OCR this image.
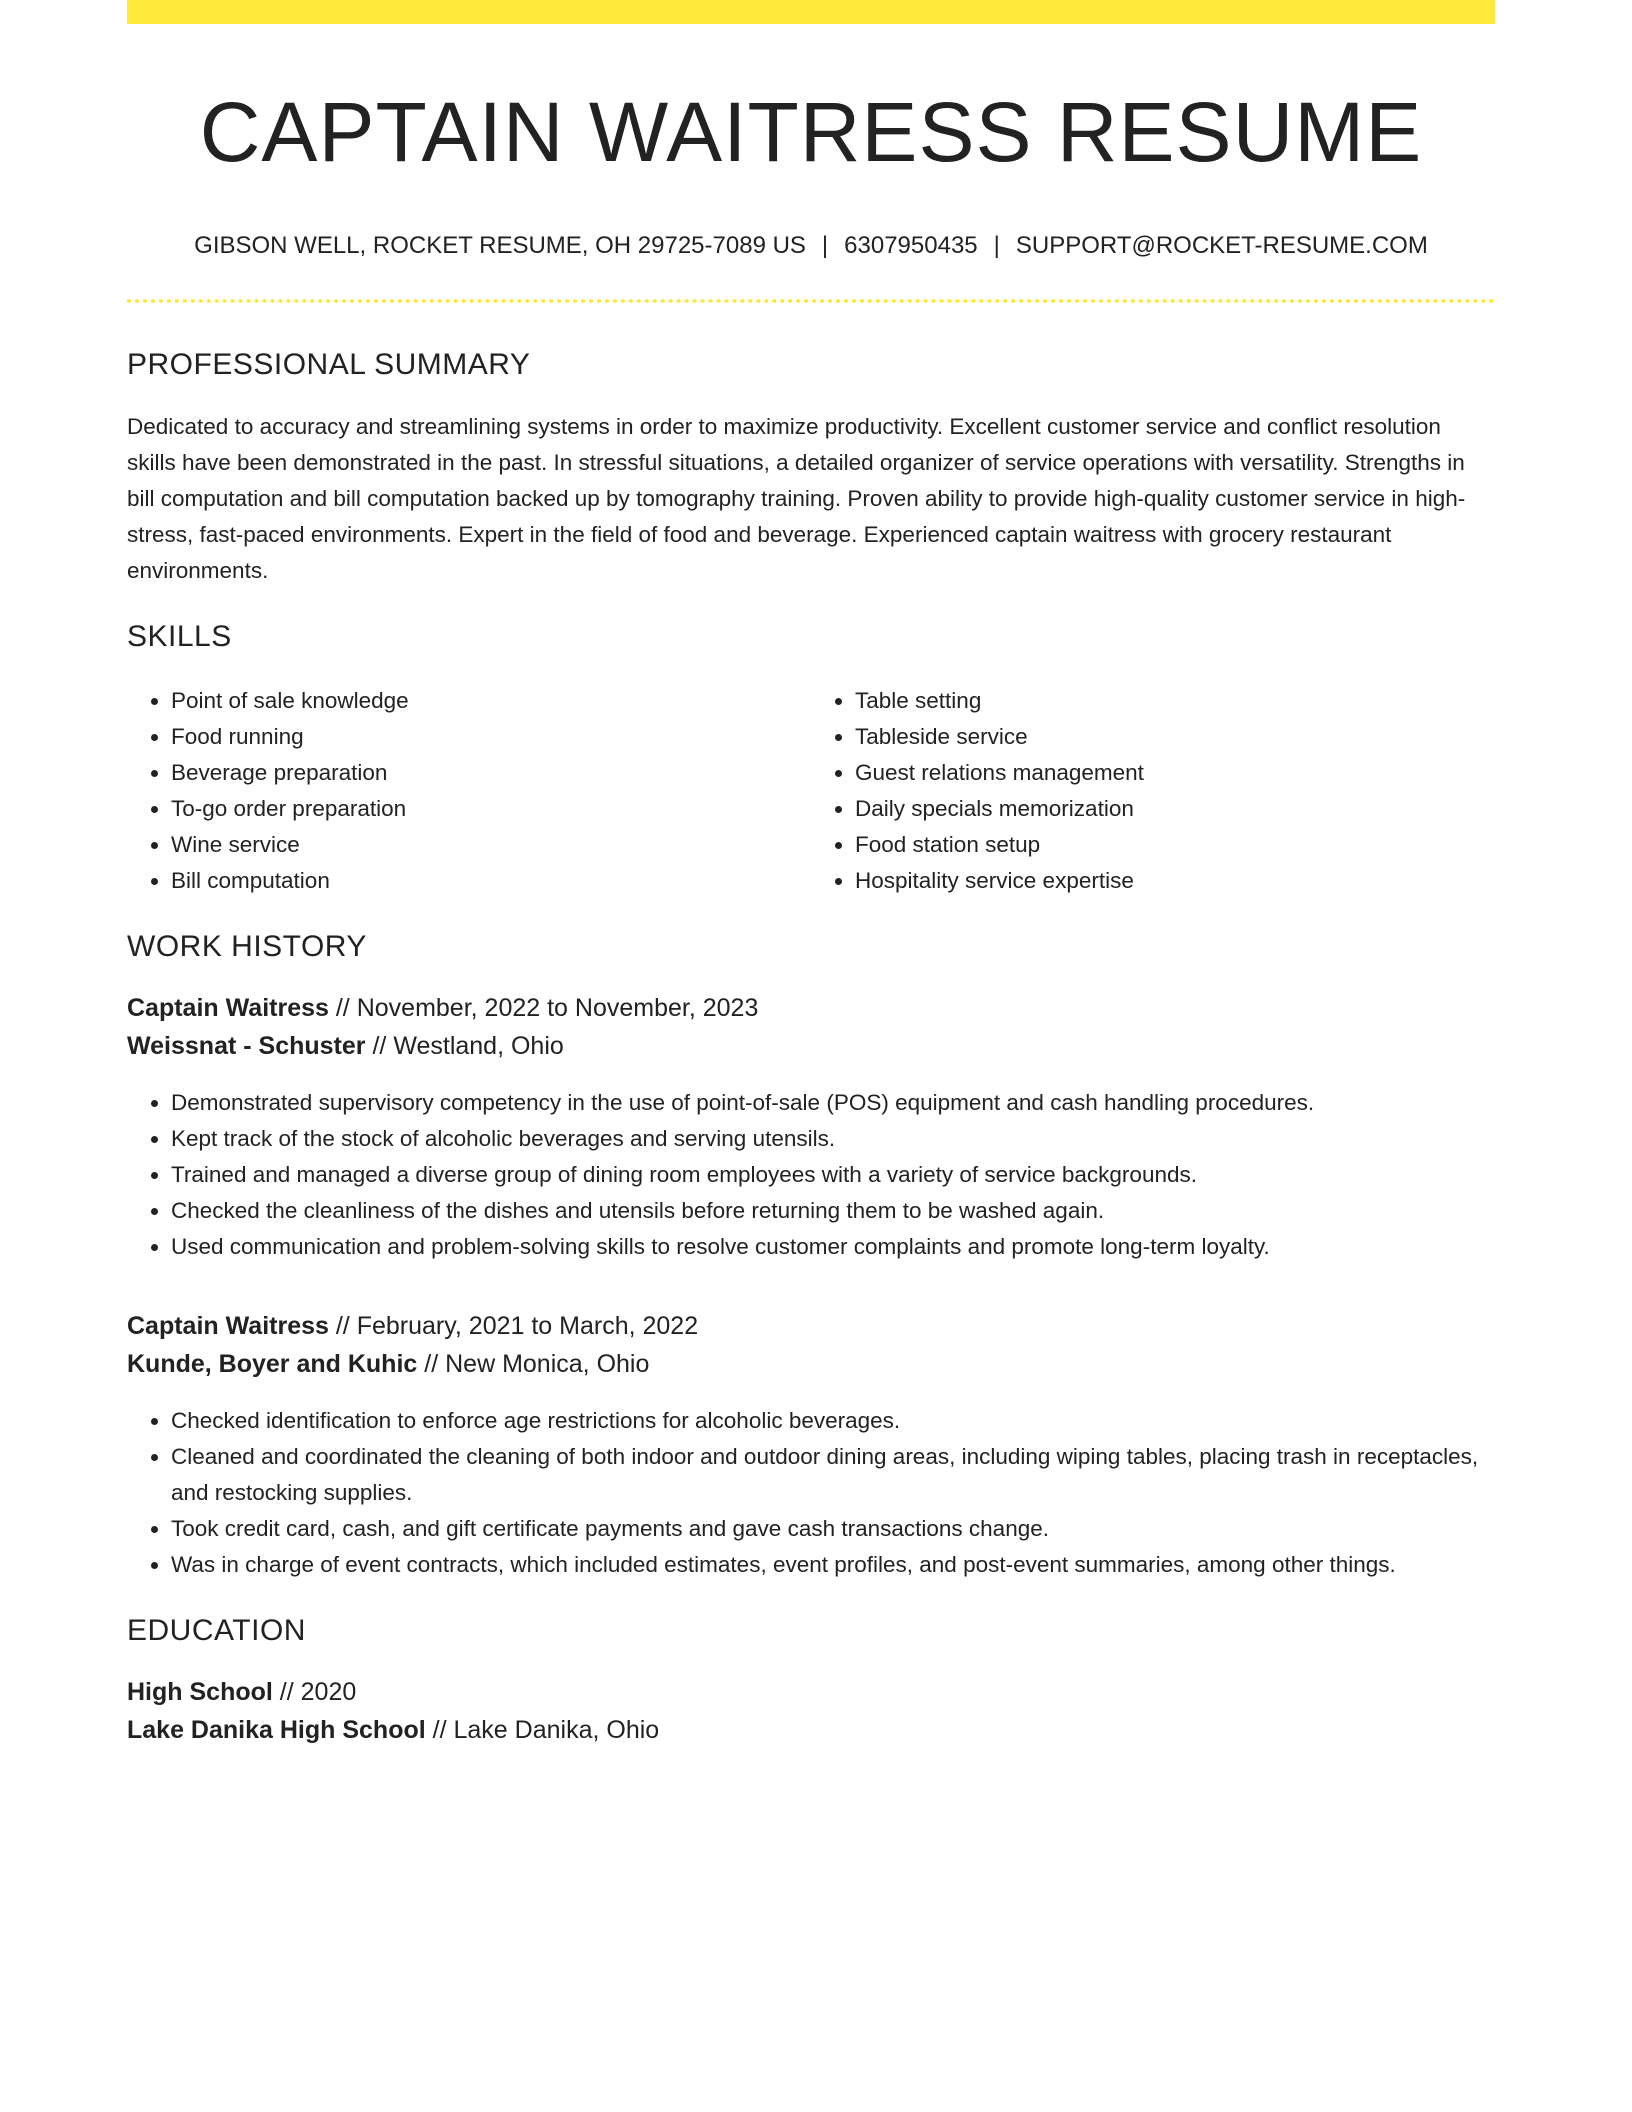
CAPTAIN WAITRESS RESUME
GIBSON WELL, ROCKET RESUME, OH 29725-7089 US | 6307950435 | SUPPORT@ROCKET-RESUME.COM
PROFESSIONAL SUMMARY

Dedicated to accuracy and streamlining systems in order to maximize productivity. Excellent customer service and conflict resolution skills have been demonstrated in the past. In stressful situations, a detailed organizer of service operations with versatility. Strengths in bill computation and bill computation backed up by tomography training. Proven ability to provide high-quality customer service in high-stress, fast-paced environments. Expert in the field of food and beverage. Experienced captain waitress with grocery restaurant environments.

SKILLS
• Point of sale knowledge
• Food running
• Beverage preparation
• To-go order preparation
• Wine service
• Bill computation
• Table setting
• Tableside service
• Guest relations management
• Daily specials memorization
• Food station setup
• Hospitality service expertise
WORK HISTORY
Captain Waitress // November, 2022 to November, 2023
Weissnat - Schuster // Westland, Ohio
• Demonstrated supervisory competency in the use of point-of-sale (POS) equipment and cash handling procedures.
• Kept track of the stock of alcoholic beverages and serving utensils.
• Trained and managed a diverse group of dining room employees with a variety of service backgrounds.
• Checked the cleanliness of the dishes and utensils before returning them to be washed again.
• Used communication and problem-solving skills to resolve customer complaints and promote long-term loyalty.
Captain Waitress // February, 2021 to March, 2022
Kunde, Boyer and Kuhic // New Monica, Ohio
• Checked identification to enforce age restrictions for alcoholic beverages.
• Cleaned and coordinated the cleaning of both indoor and outdoor dining areas, including wiping tables, placing trash in receptacles, and restocking supplies.
• Took credit card, cash, and gift certificate payments and gave cash transactions change.
• Was in charge of event contracts, which included estimates, event profiles, and post-event summaries, among other things.
EDUCATION
High School // 2020
Lake Danika High School // Lake Danika, Ohio
